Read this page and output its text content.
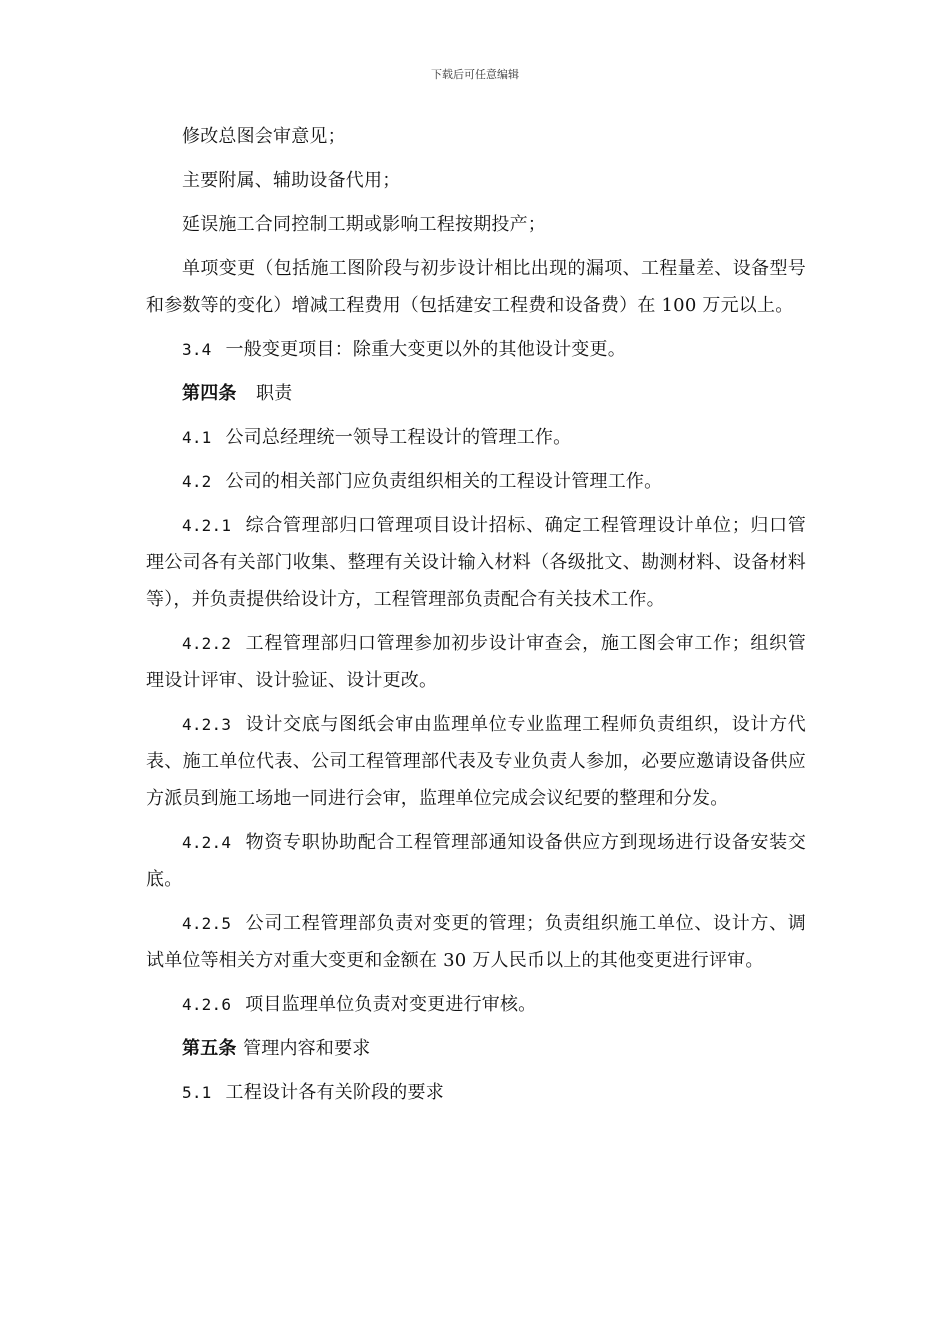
下载后可任意编辑

修改总图会审意见；

主要附属、辅助设备代用；

延误施工合同控制工期或影响工程按期投产；

单项变更（包括施工图阶段与初步设计相比出现的漏项、工程量差、设备型号和参数等的变化）增减工程费用（包括建安工程费和设备费）在 100 万元以上。

3.4 一般变更项目：除重大变更以外的其他设计变更。

第四条 职责

4.1 公司总经理统一领导工程设计的管理工作。

4.2 公司的相关部门应负责组织相关的工程设计管理工作。

4.2.1 综合管理部归口管理项目设计招标、确定工程管理设计单位；归口管理公司各有关部门收集、整理有关设计输入材料（各级批文、勘测材料、设备材料等），并负责提供给设计方，工程管理部负责配合有关技术工作。

4.2.2 工程管理部归口管理参加初步设计审查会，施工图会审工作；组织管理设计评审、设计验证、设计更改。

4.2.3 设计交底与图纸会审由监理单位专业监理工程师负责组织，设计方代表、施工单位代表、公司工程管理部代表及专业负责人参加，必要应邀请设备供应方派员到施工场地一同进行会审，监理单位完成会议纪要的整理和分发。

4.2.4 物资专职协助配合工程管理部通知设备供应方到现场进行设备安装交底。

4.2.5 公司工程管理部负责对变更的管理；负责组织施工单位、设计方、调试单位等相关方对重大变更和金额在 30 万人民币以上的其他变更进行评审。

4.2.6 项目监理单位负责对变更进行审核。

第五条 管理内容和要求

5.1 工程设计各有关阶段的要求
